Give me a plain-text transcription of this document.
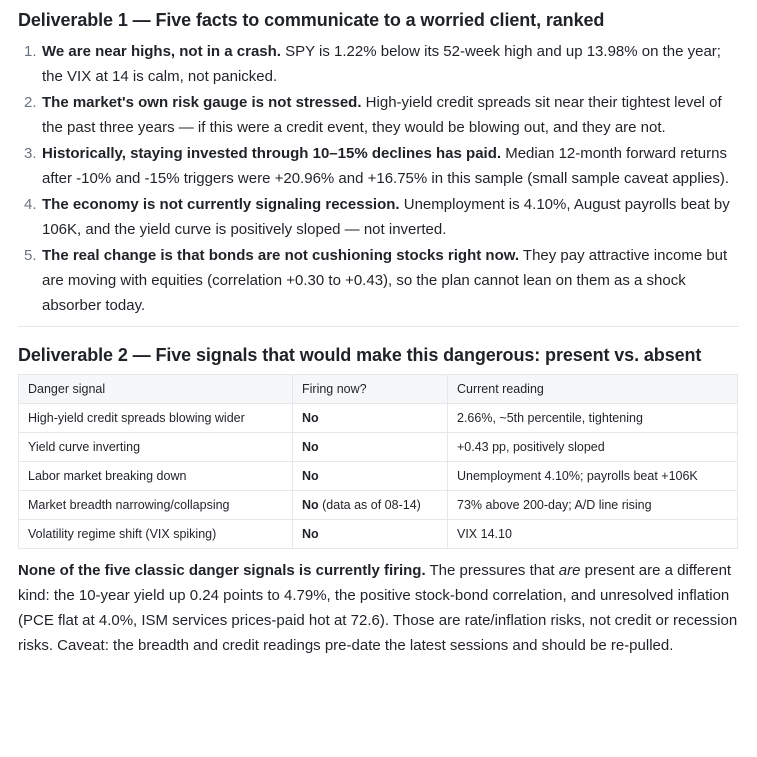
Deliverable 1 — Five facts to communicate to a worried client, ranked
1. We are near highs, not in a crash. SPY is 1.22% below its 52-week high and up 13.98% on the year; the VIX at 14 is calm, not panicked.
2. The market's own risk gauge is not stressed. High-yield credit spreads sit near their tightest level of the past three years — if this were a credit event, they would be blowing out, and they are not.
3. Historically, staying invested through 10–15% declines has paid. Median 12-month forward returns after -10% and -15% triggers were +20.96% and +16.75% in this sample (small sample caveat applies).
4. The economy is not currently signaling recession. Unemployment is 4.10%, August payrolls beat by 106K, and the yield curve is positively sloped — not inverted.
5. The real change is that bonds are not cushioning stocks right now. They pay attractive income but are moving with equities (correlation +0.30 to +0.43), so the plan cannot lean on them as a shock absorber today.
Deliverable 2 — Five signals that would make this dangerous: present vs. absent
Danger signal	Firing now?	Current reading
High-yield credit spreads blowing wider	No	2.66%, ~5th percentile, tightening
Yield curve inverting	No	+0.43 pp, positively sloped
Labor market breaking down	No	Unemployment 4.10%; payrolls beat +106K
Market breadth narrowing/collapsing	No (data as of 08-14)	73% above 200-day; A/D line rising
Volatility regime shift (VIX spiking)	No	VIX 14.10

None of the five classic danger signals is currently firing. The pressures that are present are a different kind: the 10-year yield up 0.24 points to 4.79%, the positive stock-bond correlation, and unresolved inflation (PCE flat at 4.0%, ISM services prices-paid hot at 72.6). Those are rate/inflation risks, not credit or recession risks. Caveat: the breadth and credit readings pre-date the latest sessions and should be re-pulled.
